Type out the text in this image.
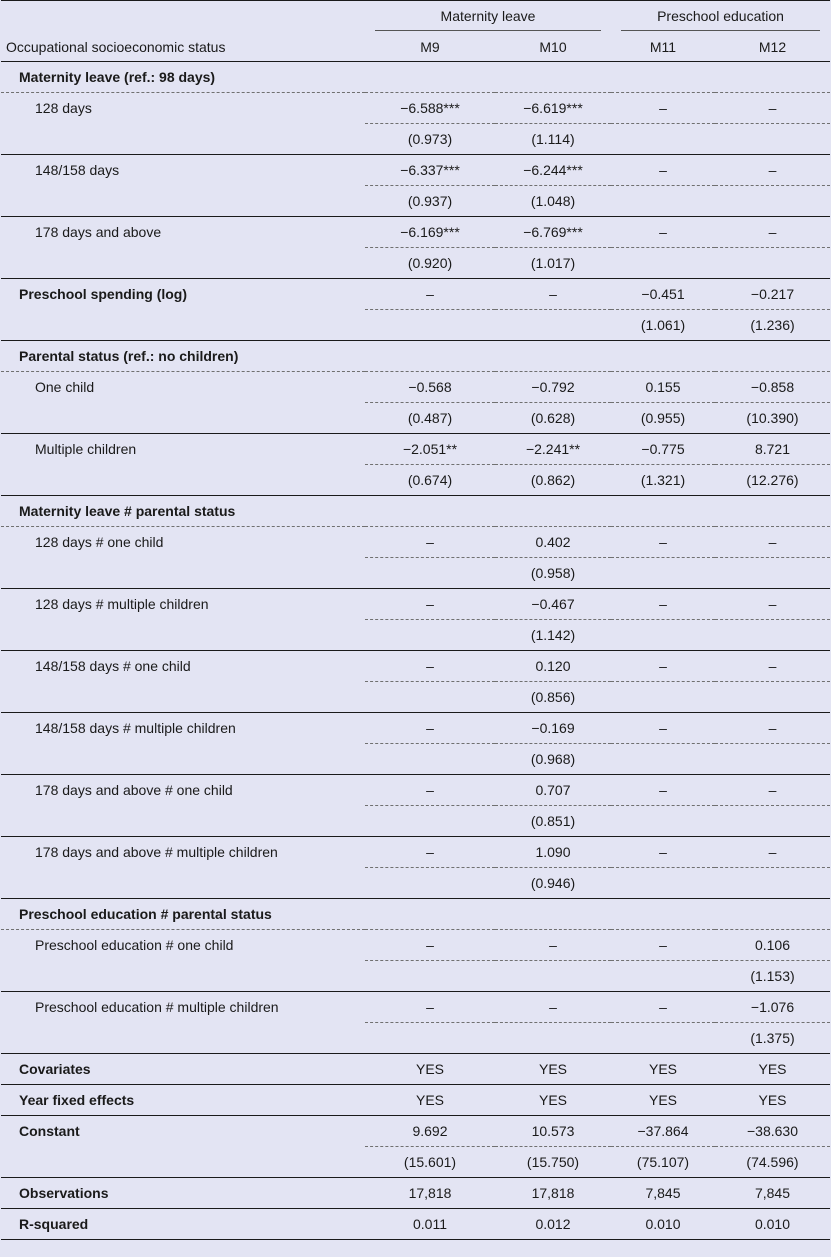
	Maternity leave		Preschool education	

Occupational socioeconomic status	M9	M10	M11	M12
Maternity leave (ref.: 98 days)				
128 days	−6.588***	−6.619***	–	–
	(0.973)	(1.114)		
148/158 days	−6.337***	−6.244***	–	–
	(0.937)	(1.048)		
178 days and above	−6.169***	−6.769***	–	–
	(0.920)	(1.017)		
Preschool spending (log)	–	–	−0.451	−0.217
			(1.061)	(1.236)
Parental status (ref.: no children)				
One child	−0.568	−0.792	0.155	−0.858
	(0.487)	(0.628)	(0.955)	(10.390)
Multiple children	−2.051**	−2.241**	−0.775	8.721
	(0.674)	(0.862)	(1.321)	(12.276)
Maternity leave # parental status				
128 days # one child	–	0.402	–	–
		(0.958)		
128 days # multiple children	–	−0.467	–	–
		(1.142)		
148/158 days # one child	–	0.120	–	–
		(0.856)		
148/158 days # multiple children	–	−0.169	–	–
		(0.968)		
178 days and above # one child	–	0.707	–	–
		(0.851)		
178 days and above # multiple children	–	1.090	–	–
		(0.946)		
Preschool education # parental status				
Preschool education # one child	–	–	–	0.106
				(1.153)
Preschool education # multiple children	–	–	–	−1.076
				(1.375)
Covariates	YES	YES	YES	YES
Year fixed effects	YES	YES	YES	YES
Constant	9.692	10.573	−37.864	−38.630
	(15.601)	(15.750)	(75.107)	(74.596)
Observations	17,818	17,818	7,845	7,845
R-squared	0.011	0.012	0.010	0.010
